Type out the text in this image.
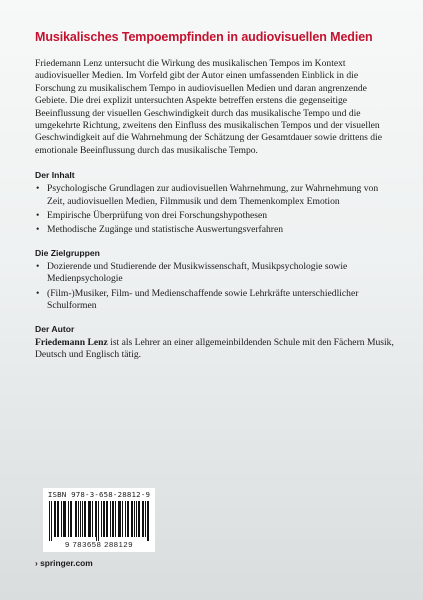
Musikalisches Tempoempfinden in audiovisuellen Medien

Friedemann Lenz untersucht die Wirkung des musikalischen Tempos im Kontext audiovisueller Medien. Im Vorfeld gibt der Autor einen umfassenden Einblick in die Forschung zu musikalischem Tempo in audiovisuellen Medien und daran angrenzende Gebiete. Die drei explizit untersuchten Aspekte betreffen erstens die gegenseitige Beeinflussung der visuellen Geschwindigkeit durch das musikalische Tempo und die umgekehrte Richtung, zweitens den Einfluss des musikalischen Tempos und der visuellen Geschwindigkeit auf die Wahrnehmung der Schätzung der Gesamtdauer sowie drittens die emotionale Beeinflussung durch das musikalische Tempo.

Der Inhalt
• Psychologische Grundlagen zur audiovisuellen Wahrnehmung, zur Wahrnehmung von Zeit, audiovisuellen Medien, Filmmusik und dem Themenkomplex Emotion
• Empirische Überprüfung von drei Forschungshypothesen
• Methodische Zugänge und statistische Auswertungsverfahren
Die Zielgruppen
• Dozierende und Studierende der Musikwissenschaft, Musikpsychologie sowie Medienpsychologie
• (Film-)Musiker, Film- und Medienschaffende sowie Lehrkräfte unterschiedlicher Schulformen
Der Autor

Friedemann Lenz ist als Lehrer an einer allgemeinbildenden Schule mit den Fächern Musik, Deutsch und Englisch tätig.

ISBN 978-3-658-28812-9
9 783658 288129
› springer.com
